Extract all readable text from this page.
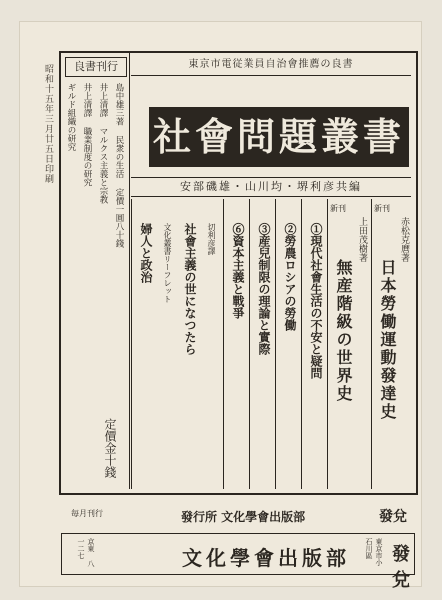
昭和十五年三月廿五日印刷	良書刊行
島中雄三著 民衆の生活 定價一圓八十錢
井上清譯 マルクス主義と宗教
井上清譯 職業制度の研究
ギルド組織の研究
定價金十錢
東京市電従業員自治會推薦の良書
社會問題叢書
安部磯雄・山川均・堺利彦共編
新刊
赤松克麿著
日本勞働運動發達史
新刊
上田茂樹著
無産階級の世界史
①現代社會生活の不安と疑問
②勞農ロシアの勞働
③産兒制限の理論と實際
⑥資本主義と戰爭
切利彦譯
社會主義の世になつたら
文化叢書リーフレット
婦人と政治
發行所 文化學會出版部	發兌
毎月刊行
京東 八一二七	文化學會出版部	東京市小石川區	發兌
